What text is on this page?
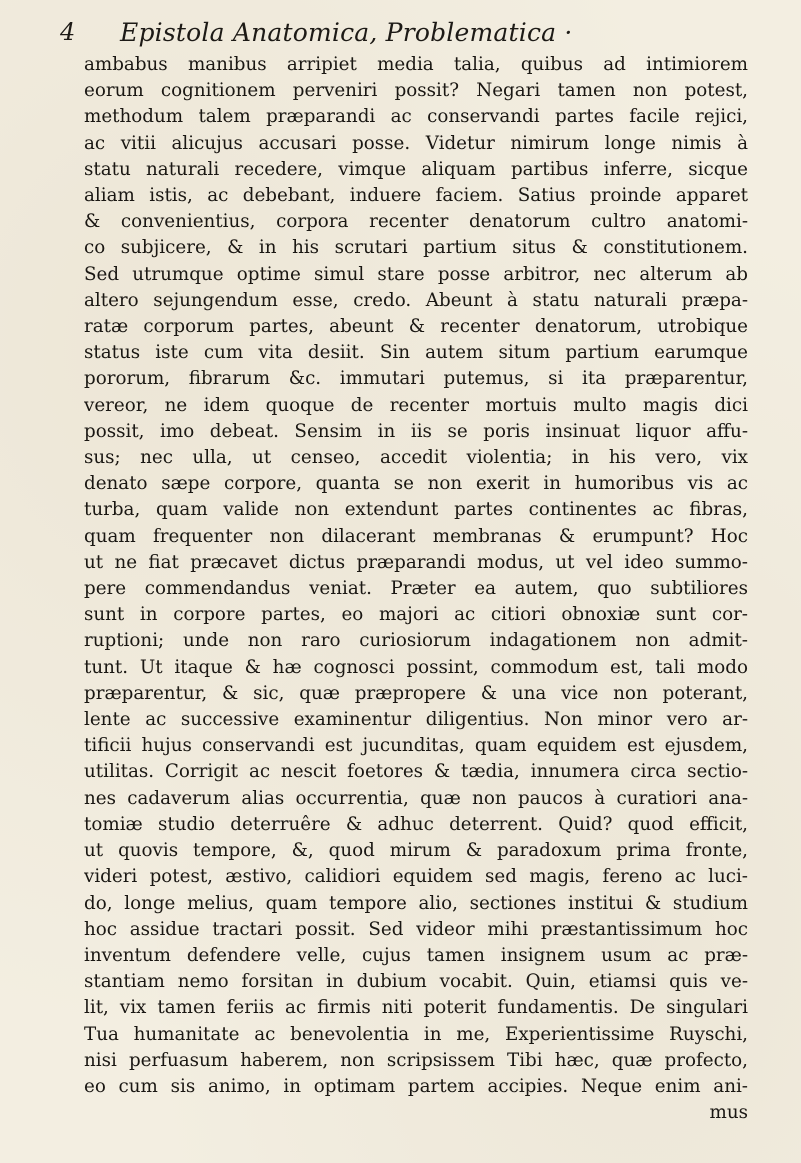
4 Epistola Anatomica, Problematica ·
ambabus manibus arripiet media talia, quibus ad intimiorem
eorum cognitionem perveniri possit? Negari tamen non potest,
methodum talem præparandi ac conservandi partes facile rejici,
ac vitii alicujus accusari posse. Videtur nimirum longe nimis à
statu naturali recedere, vimque aliquam partibus inferre, sicque
aliam istis, ac debebant, induere faciem. Satius proinde apparet
& convenientius, corpora recenter denatorum cultro anatomi-
co subjicere, & in his scrutari partium situs & constitutionem.
Sed utrumque optime simul stare posse arbitror, nec alterum ab
altero sejungendum esse, credo. Abeunt à statu naturali præpa-
ratæ corporum partes, abeunt & recenter denatorum, utrobique
status iste cum vita desiit. Sin autem situm partium earumque
pororum, fibrarum &c. immutari putemus, si ita præparentur,
vereor, ne idem quoque de recenter mortuis multo magis dici
possit, imo debeat. Sensim in iis se poris insinuat liquor affu-
sus; nec ulla, ut censeo, accedit violentia; in his vero, vix
denato sæpe corpore, quanta se non exerit in humoribus vis ac
turba, quam valide non extendunt partes continentes ac fibras,
quam frequenter non dilacerant membranas & erumpunt? Hoc
ut ne fiat præcavet dictus præparandi modus, ut vel ideo summo-
pere commendandus veniat. Præter ea autem, quo subtiliores
sunt in corpore partes, eo majori ac citiori obnoxiæ sunt cor-
ruptioni; unde non raro curiosiorum indagationem non admit-
tunt. Ut itaque & hæ cognosci possint, commodum est, tali modo
præparentur, & sic, quæ præpropere & una vice non poterant,
lente ac successive examinentur diligentius. Non minor vero ar-
tificii hujus conservandi est jucunditas, quam equidem est ejusdem,
utilitas. Corrigit ac nescit foetores & tædia, innumera circa sectio-
nes cadaverum alias occurrentia, quæ non paucos à curatiori ana-
tomiæ studio deterruêre & adhuc deterrent. Quid? quod efficit,
ut quovis tempore, &, quod mirum & paradoxum prima fronte,
videri potest, æstivo, calidiori equidem sed magis, fereno ac luci-
do, longe melius, quam tempore alio, sectiones institui & studium
hoc assidue tractari possit. Sed videor mihi præstantissimum hoc
inventum defendere velle, cujus tamen insignem usum ac præ-
stantiam nemo forsitan in dubium vocabit. Quin, etiamsi quis ve-
lit, vix tamen feriis ac firmis niti poterit fundamentis. De singulari
Tua humanitate ac benevolentia in me, Experientissime Ruyschi,
nisi perfuasum haberem, non scripsissem Tibi hæc, quæ profecto,
eo cum sis animo, in optimam partem accipies. Neque enim ani-
mus
